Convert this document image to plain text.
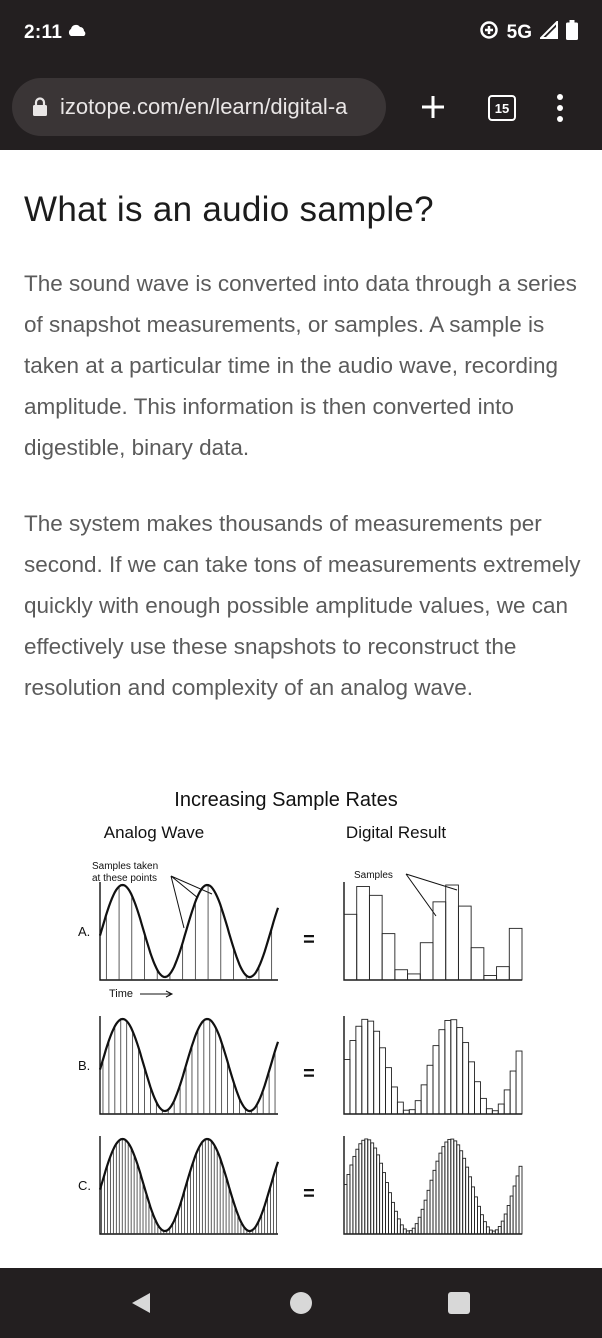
2:11	5G
izotope.com/en/learn/digital-a	15
What is an audio sample?

The sound wave is converted into data through a series of snapshot measurements, or samples. A sample is taken at a particular time in the audio wave, recording amplitude. This information is then converted into digestible, binary data.

The system makes thousands of measurements per second. If we can take tons of measurements extremely quickly with enough possible amplitude values, we can effectively use these snapshots to reconstruct the resolution and complexity of an analog wave.

Increasing Sample Rates
Analog Wave	Digital Result
Samples taken
at these points	Samples
Time
A.	=
B.	=
C.	=
